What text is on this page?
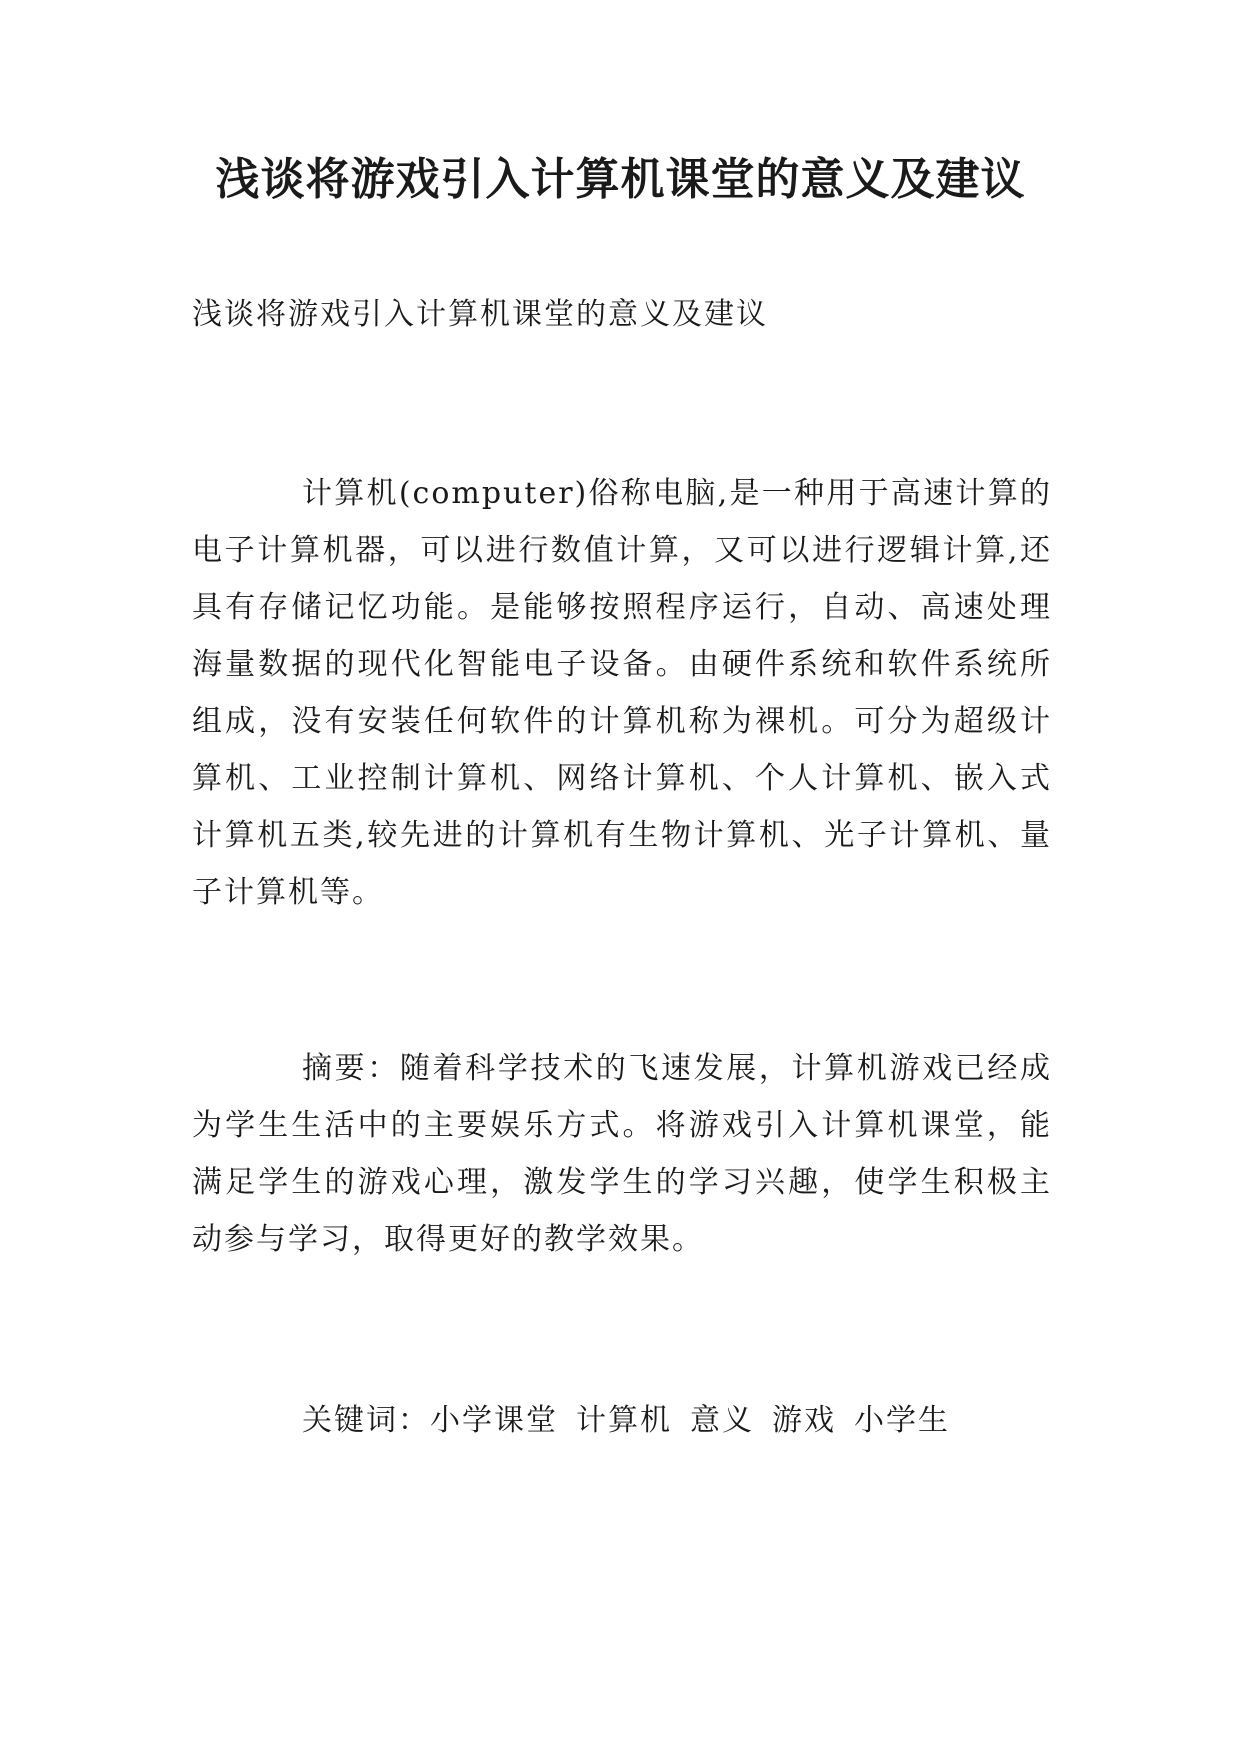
浅谈将游戏引入计算机课堂的意义及建议

浅谈将游戏引入计算机课堂的意义及建议

计算机(computer)俗称电脑,是一种用于高速计算的电子计算机器，可以进行数值计算，又可以进行逻辑计算,还具有存储记忆功能。是能够按照程序运行，自动、高速处理海量数据的现代化智能电子设备。由硬件系统和软件系统所组成，没有安装任何软件的计算机称为裸机。可分为超级计算机、工业控制计算机、网络计算机、个人计算机、嵌入式计算机五类,较先进的计算机有生物计算机、光子计算机、量子计算机等。

摘要：随着科学技术的飞速发展，计算机游戏已经成为学生生活中的主要娱乐方式。将游戏引入计算机课堂，能满足学生的游戏心理，激发学生的学习兴趣，使学生积极主动参与学习，取得更好的教学效果。

关键词：小学课堂 计算机 意义 游戏 小学生
